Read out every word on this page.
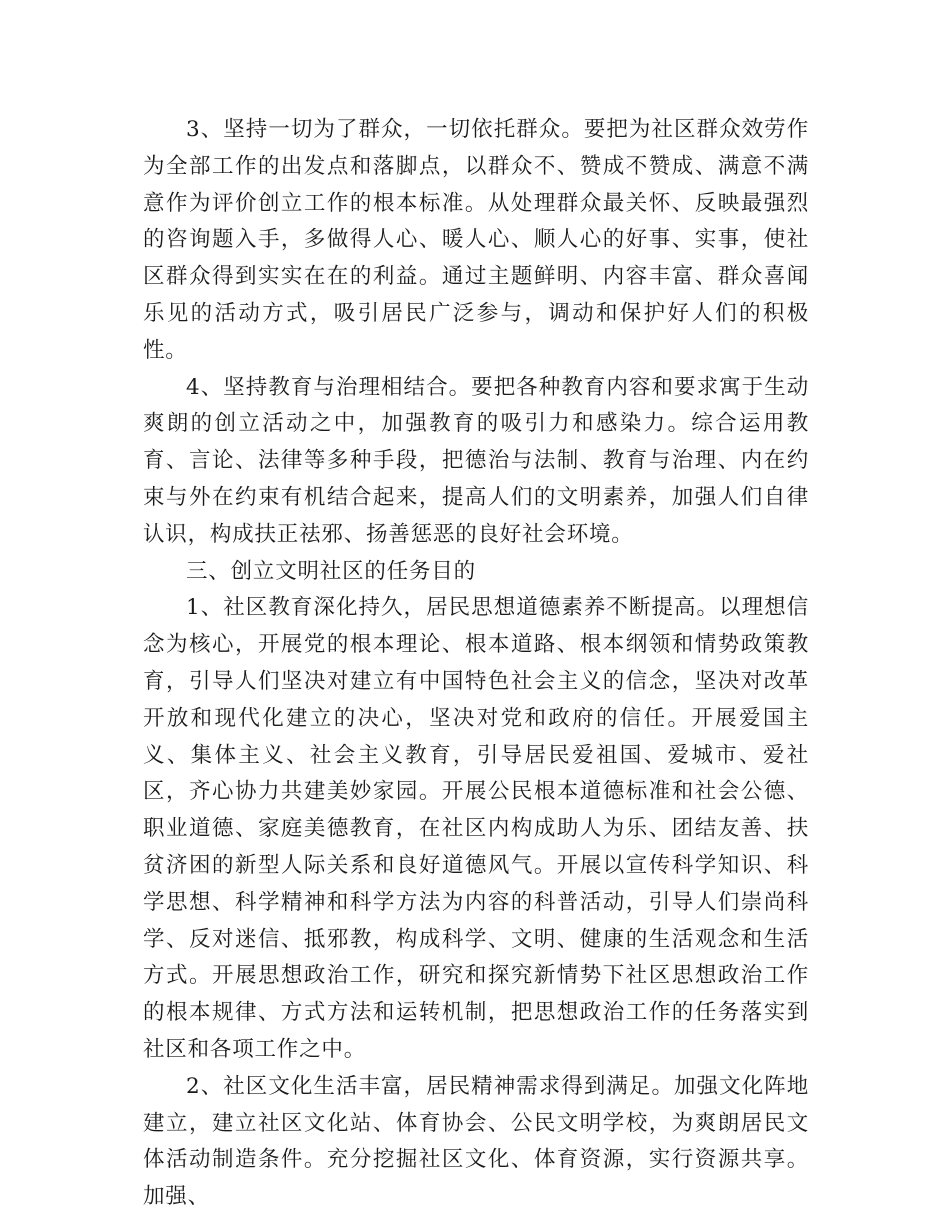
3、坚持一切为了群众，一切依托群众。要把为社区群众效劳作为全部工作的出发点和落脚点，以群众不、赞成不赞成、满意不满意作为评价创立工作的根本标准。从处理群众最关怀、反映最强烈的咨询题入手，多做得人心、暖人心、顺人心的好事、实事，使社区群众得到实实在在的利益。通过主题鲜明、内容丰富、群众喜闻乐见的活动方式，吸引居民广泛参与，调动和保护好人们的积极性。

4、坚持教育与治理相结合。要把各种教育内容和要求寓于生动爽朗的创立活动之中，加强教育的吸引力和感染力。综合运用教育、言论、法律等多种手段，把德治与法制、教育与治理、内在约束与外在约束有机结合起来，提高人们的文明素养，加强人们自律认识，构成扶正祛邪、扬善惩恶的良好社会环境。

三、创立文明社区的任务目的

1、社区教育深化持久，居民思想道德素养不断提高。以理想信念为核心，开展党的根本理论、根本道路、根本纲领和情势政策教育，引导人们坚决对建立有中国特色社会主义的信念，坚决对改革开放和现代化建立的决心，坚决对党和政府的信任。开展爱国主义、集体主义、社会主义教育，引导居民爱祖国、爱城市、爱社区，齐心协力共建美妙家园。开展公民根本道德标准和社会公德、职业道德、家庭美德教育，在社区内构成助人为乐、团结友善、扶贫济困的新型人际关系和良好道德风气。开展以宣传科学知识、科学思想、科学精神和科学方法为内容的科普活动，引导人们崇尚科学、反对迷信、抵邪教，构成科学、文明、健康的生活观念和生活方式。开展思想政治工作，研究和探究新情势下社区思想政治工作的根本规律、方式方法和运转机制，把思想政治工作的任务落实到社区和各项工作之中。

2、社区文化生活丰富，居民精神需求得到满足。加强文化阵地建立，建立社区文化站、体育协会、公民文明学校，为爽朗居民文体活动制造条件。充分挖掘社区文化、体育资源，实行资源共享。加强、
